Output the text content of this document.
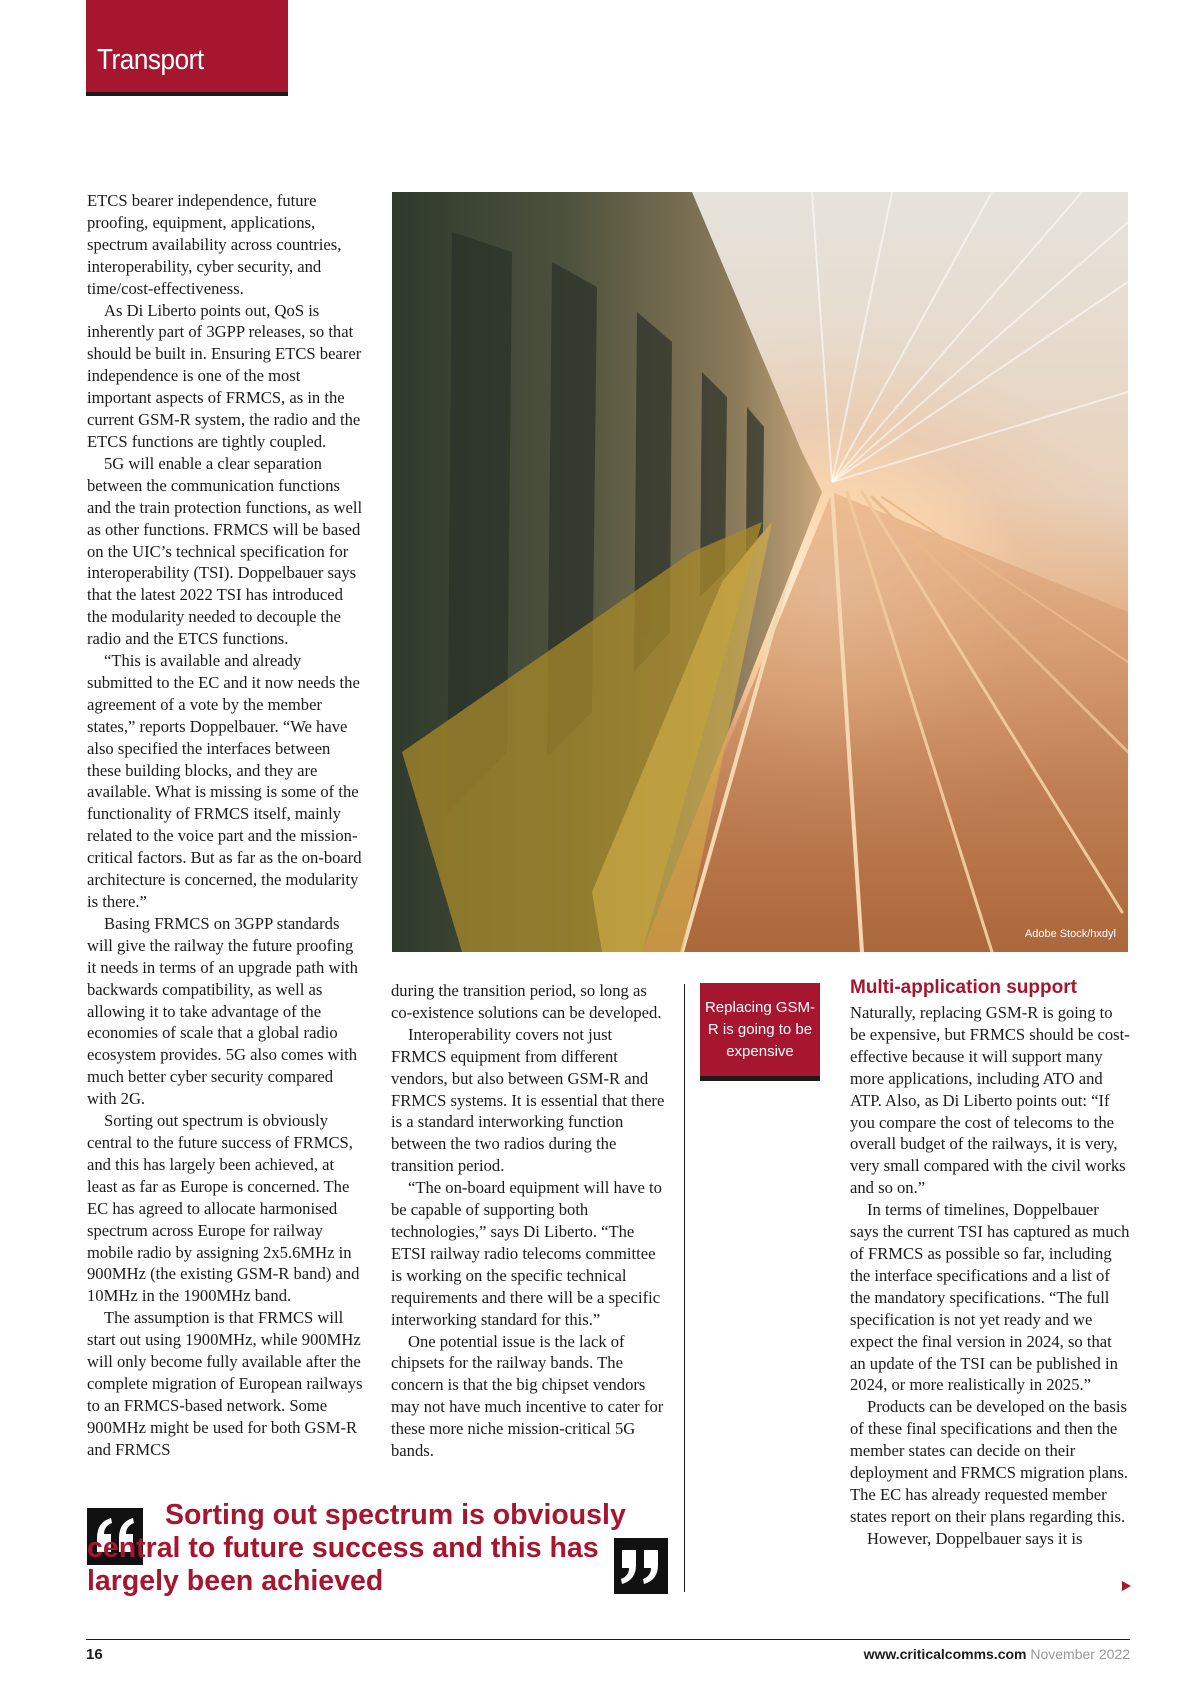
Transport

ETCS bearer independence, future proofing, equipment, applications, spectrum availability across countries, interoperability, cyber security, and time/cost-effectiveness.

As Di Liberto points out, QoS is inherently part of 3GPP releases, so that should be built in. Ensuring ETCS bearer independence is one of the most important aspects of FRMCS, as in the current GSM-R system, the radio and the ETCS functions are tightly coupled.

5G will enable a clear separation between the communication functions and the train protection functions, as well as other functions. FRMCS will be based on the UIC’s technical specification for interoperability (TSI). Doppelbauer says that the latest 2022 TSI has introduced the modularity needed to decouple the radio and the ETCS functions.

“This is available and already submitted to the EC and it now needs the agreement of a vote by the member states,” reports Doppelbauer. “We have also specified the interfaces between these building blocks, and they are available. What is missing is some of the functionality of FRMCS itself, mainly related to the voice part and the mission-critical factors. But as far as the on-board architecture is concerned, the modularity is there.”

Basing FRMCS on 3GPP standards will give the railway the future proofing it needs in terms of an upgrade path with backwards compatibility, as well as allowing it to take advantage of the economies of scale that a global radio ecosystem provides. 5G also comes with much better cyber security compared with 2G.

Sorting out spectrum is obviously central to the future success of FRMCS, and this has largely been achieved, at least as far as Europe is concerned. The EC has agreed to allocate harmonised spectrum across Europe for railway mobile radio by assigning 2x5.6MHz in 900MHz (the existing GSM-R band) and 10MHz in the 1900MHz band.

The assumption is that FRMCS will start out using 1900MHz, while 900MHz will only become fully available after the complete migration of European railways to an FRMCS-based network. Some 900MHz might be used for both GSM-R and FRMCS

Adobe Stock/hxdyl

during the transition period, so long as co-existence solutions can be developed.

Interoperability covers not just FRMCS equipment from different vendors, but also between GSM-R and FRMCS systems. It is essential that there is a standard interworking function between the two radios during the transition period.

“The on-board equipment will have to be capable of supporting both technologies,” says Di Liberto. “The ETSI railway radio telecoms committee is working on the specific technical requirements and there will be a specific interworking standard for this.”

One potential issue is the lack of chipsets for the railway bands. The concern is that the big chipset vendors may not have much incentive to cater for these more niche mission-critical 5G bands.

Replacing GSM-R is going to be expensive
Multi-application support

Naturally, replacing GSM-R is going to be expensive, but FRMCS should be cost-effective because it will support many more applications, including ATO and ATP. Also, as Di Liberto points out: “If you compare the cost of telecoms to the overall budget of the railways, it is very, very small compared with the civil works and so on.”

In terms of timelines, Doppelbauer says the current TSI has captured as much of FRMCS as possible so far, including the interface specifications and a list of the mandatory specifications. “The full specification is not yet ready and we expect the final version in 2024, so that an update of the TSI can be published in 2024, or more realistically in 2025.”

Products can be developed on the basis of these final specifications and then the member states can decide on their deployment and FRMCS migration plans. The EC has already requested member states report on their plans regarding this.

However, Doppelbauer says it is

Sorting out spectrum is obviously central to future success and this has largely been achieved

16	www.criticalcomms.com November 2022
